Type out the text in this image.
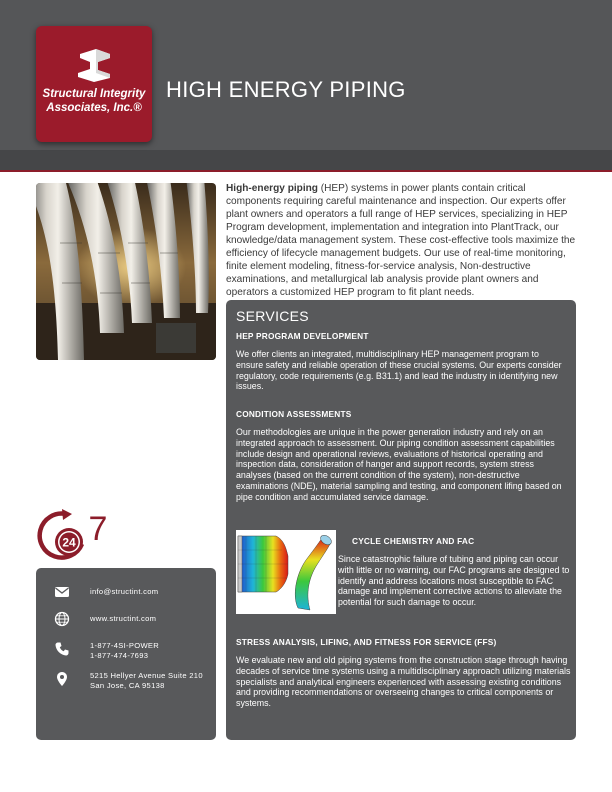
Structural Integrity
Associates, Inc.®
HIGH ENERGY PIPING

High-energy piping (HEP) systems in power plants contain critical components requiring careful maintenance and inspection. Our experts offer plant owners and operators a full range of HEP services, specializing in HEP Program development, implementation and integration into PlantTrack, our knowledge/data management system. These cost-effective tools maximize the efficiency of lifecycle management budgets. Our use of real-time monitoring, finite element modeling, fitness-for-service analysis, Non-destructive examinations, and metallurgical lab analysis provide plant owners and operators a customized HEP program to fit plant needs.

24 7
info@structint.com
www.structint.com
1-877-4SI-POWER
1-877-474-7693
5215 Hellyer Avenue Suite 210
San Jose, CA 95138
SERVICES
HEP PROGRAM DEVELOPMENT
We offer clients an integrated, multidisciplinary HEP management program to ensure safety and reliable operation of these crucial systems. Our experts consider regulatory, code requirements (e.g. B31.1) and lead the industry in identifying new issues.
CONDITION ASSESSMENTS
Our methodologies are unique in the power generation industry and rely on an integrated approach to assessment. Our piping condition assessment capabilities include design and operational reviews, evaluations of historical operating and inspection data, consideration of hanger and support records, system stress analyses (based on the current condition of the system), non-destructive examinations (NDE), material sampling and testing, and component lifing based on pipe condition and accumulated service damage.
CYCLE CHEMISTRY AND FAC
Since catastrophic failure of tubing and piping can occur with little or no warning, our FAC programs are designed to identify and address locations most susceptible to FAC damage and implement corrective actions to alleviate the potential for such damage to occur.
STRESS ANALYSIS, LIFING, AND FITNESS FOR SERVICE (FFS)
We evaluate new and old piping systems from the construction stage through having decades of service time systems using a multidisciplinary approach utilizing materials specialists and analytical engineers experienced with assessing existing conditions and providing recommendations or overseeing changes to critical components or systems.
